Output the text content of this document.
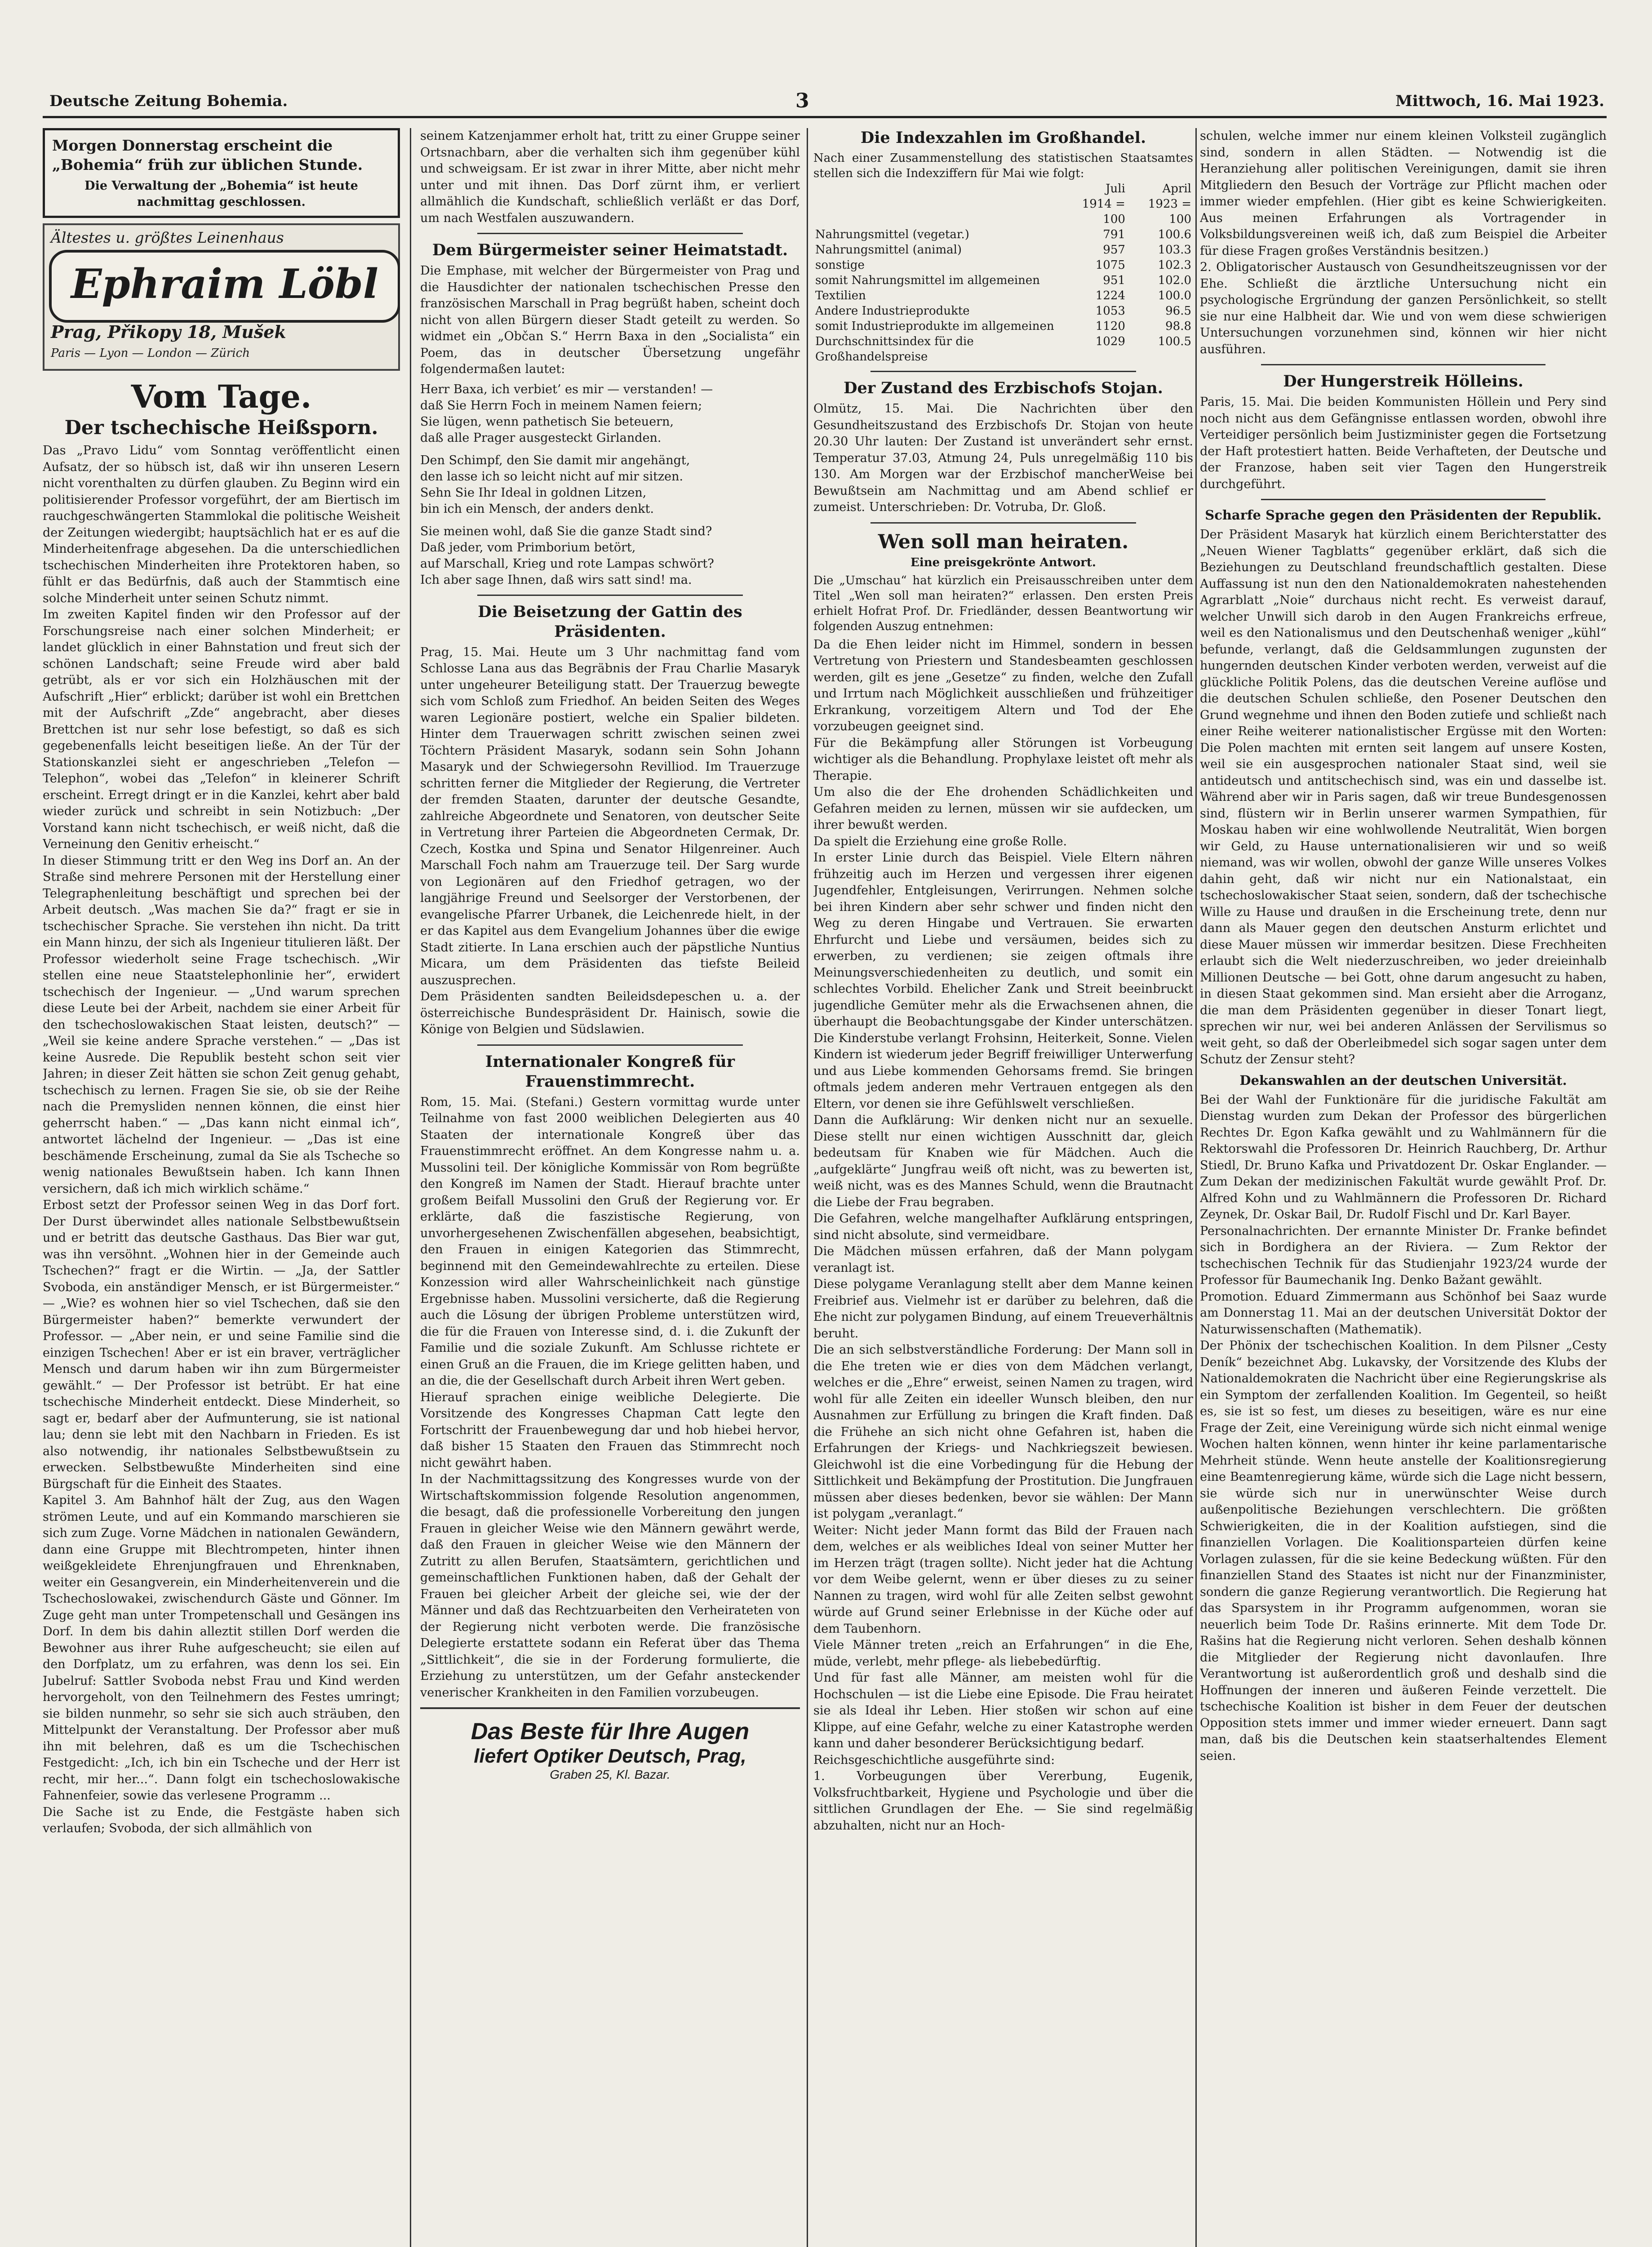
Deutsche Zeitung Bohemia.	3	Mittwoch, 16. Mai 1923.
Morgen Donnerstag erscheint die „Bohemia“ früh zur üblichen Stunde.
Die Verwaltung der „Bohemia“ ist heute nachmittag geschlossen.
Ältestes u. größtes Leinenhaus
Ephraim Löbl
Prag, Přikopy 18, Mušek
Paris — Lyon — London — Zürich
Vom Tage.
Der tschechische Heißsporn.

Das „Pravo Lidu“ vom Sonntag veröffentlicht einen Aufsatz, der so hübsch ist, daß wir ihn unseren Lesern nicht vorenthalten zu dürfen glauben. Zu Beginn wird ein politisierender Professor vorgeführt, der am Biertisch im rauchgeschwängerten Stammlokal die politische Weisheit der Zeitungen wiedergibt; hauptsächlich hat er es auf die Minderheitenfrage abgesehen. Da die unterschiedlichen tschechischen Minderheiten ihre Protektoren haben, so fühlt er das Bedürfnis, daß auch der Stammtisch eine solche Minderheit unter seinen Schutz nimmt.

Im zweiten Kapitel finden wir den Professor auf der Forschungsreise nach einer solchen Minderheit; er landet glücklich in einer Bahnstation und freut sich der schönen Landschaft; seine Freude wird aber bald getrübt, als er vor sich ein Holzhäuschen mit der Aufschrift „Hier“ erblickt; darüber ist wohl ein Brettchen mit der Aufschrift „Zde“ angebracht, aber dieses Brettchen ist nur sehr lose befestigt, so daß es sich gegebenenfalls leicht beseitigen ließe. An der Tür der Stationskanzlei sieht er angeschrieben „Telefon — Telephon“, wobei das „Telefon“ in kleinerer Schrift erscheint. Erregt dringt er in die Kanzlei, kehrt aber bald wieder zurück und schreibt in sein Notizbuch: „Der Vorstand kann nicht tschechisch, er weiß nicht, daß die Verneinung den Genitiv erheischt.“

In dieser Stimmung tritt er den Weg ins Dorf an. An der Straße sind mehrere Personen mit der Herstellung einer Telegraphenleitung beschäftigt und sprechen bei der Arbeit deutsch. „Was machen Sie da?“ fragt er sie in tschechischer Sprache. Sie verstehen ihn nicht. Da tritt ein Mann hinzu, der sich als Ingenieur titulieren läßt. Der Professor wiederholt seine Frage tschechisch. „Wir stellen eine neue Staatstelephonlinie her“, erwidert tschechisch der Ingenieur. — „Und warum sprechen diese Leute bei der Arbeit, nachdem sie einer Arbeit für den tschechoslowakischen Staat leisten, deutsch?“ — „Weil sie keine andere Sprache verstehen.“ — „Das ist keine Ausrede. Die Republik besteht schon seit vier Jahren; in dieser Zeit hätten sie schon Zeit genug gehabt, tschechisch zu lernen. Fragen Sie sie, ob sie der Reihe nach die Premysliden nennen können, die einst hier geherrscht haben.“ — „Das kann nicht einmal ich“, antwortet lächelnd der Ingenieur. — „Das ist eine beschämende Erscheinung, zumal da Sie als Tscheche so wenig nationales Bewußtsein haben. Ich kann Ihnen versichern, daß ich mich wirklich schäme.“

Erbost setzt der Professor seinen Weg in das Dorf fort. Der Durst überwindet alles nationale Selbstbewußtsein und er betritt das deutsche Gasthaus. Das Bier war gut, was ihn versöhnt. „Wohnen hier in der Gemeinde auch Tschechen?“ fragt er die Wirtin. — „Ja, der Sattler Svoboda, ein anständiger Mensch, er ist Bürgermeister.“ — „Wie? es wohnen hier so viel Tschechen, daß sie den Bürgermeister haben?“ bemerkte verwundert der Professor. — „Aber nein, er und seine Familie sind die einzigen Tschechen! Aber er ist ein braver, verträglicher Mensch und darum haben wir ihn zum Bürgermeister gewählt.“ — Der Professor ist betrübt. Er hat eine tschechische Minderheit entdeckt. Diese Minderheit, so sagt er, bedarf aber der Aufmunterung, sie ist national lau; denn sie lebt mit den Nachbarn in Frieden. Es ist also notwendig, ihr nationales Selbstbewußtsein zu erwecken. Selbstbewußte Minderheiten sind eine Bürgschaft für die Einheit des Staates.

Kapitel 3. Am Bahnhof hält der Zug, aus den Wagen strömen Leute, und auf ein Kommando marschieren sie sich zum Zuge. Vorne Mädchen in nationalen Gewändern, dann eine Gruppe mit Blechtrompeten, hinter ihnen weißgekleidete Ehrenjungfrauen und Ehrenknaben, weiter ein Gesangverein, ein Minderheitenverein und die Tschechoslowakei, zwischendurch Gäste und Gönner. Im Zuge geht man unter Trompetenschall und Gesängen ins Dorf. In dem bis dahin alleztit stillen Dorf werden die Bewohner aus ihrer Ruhe aufgescheucht; sie eilen auf den Dorfplatz, um zu erfahren, was denn los sei. Ein Jubelruf: Sattler Svoboda nebst Frau und Kind werden hervorgeholt, von den Teilnehmern des Festes umringt; sie bilden nunmehr, so sehr sie sich auch sträuben, den Mittelpunkt der Veranstaltung. Der Professor aber muß ihn mit belehren, daß es um die Tschechischen Festgedicht: „Ich, ich bin ein Tscheche und der Herr ist recht, mir her...“. Dann folgt ein tschechoslowakische Fahnenfeier, sowie das verlesene Programm ...

Die Sache ist zu Ende, die Festgäste haben sich verlaufen; Svoboda, der sich allmählich von

seinem Katzenjammer erholt hat, tritt zu einer Gruppe seiner Ortsnachbarn, aber die verhalten sich ihm gegenüber kühl und schweigsam. Er ist zwar in ihrer Mitte, aber nicht mehr unter und mit ihnen. Das Dorf zürnt ihm, er verliert allmählich die Kundschaft, schließlich verläßt er das Dorf, um nach Westfalen auszuwandern.

Dem Bürgermeister seiner Heimatstadt.

Die Emphase, mit welcher der Bürgermeister von Prag und die Hausdichter der nationalen tschechischen Presse den französischen Marschall in Prag begrüßt haben, scheint doch nicht von allen Bürgern dieser Stadt geteilt zu werden. So widmet ein „Občan S.“ Herrn Baxa in den „Socialista“ ein Poem, das in deutscher Übersetzung ungefähr folgendermaßen lautet:

Herr Baxa, ich verbiet’ es mir — verstanden! —
daß Sie Herrn Foch in meinem Namen feiern;
Sie lügen, wenn pathetisch Sie beteuern,
daß alle Prager ausgesteckt Girlanden.
Den Schimpf, den Sie damit mir angehängt,
den lasse ich so leicht nicht auf mir sitzen.
Sehn Sie Ihr Ideal in goldnen Litzen,
bin ich ein Mensch, der anders denkt.
Sie meinen wohl, daß Sie die ganze Stadt sind?
Daß jeder, vom Primborium betört,
auf Marschall, Krieg und rote Lampas schwört?
Ich aber sage Ihnen, daß wirs satt sind! ma.
Die Beisetzung der Gattin des Präsidenten.

Prag, 15. Mai. Heute um 3 Uhr nachmittag fand vom Schlosse Lana aus das Begräbnis der Frau Charlie Masaryk unter ungeheurer Beteiligung statt. Der Trauerzug bewegte sich vom Schloß zum Friedhof. An beiden Seiten des Weges waren Legionäre postiert, welche ein Spalier bildeten. Hinter dem Trauerwagen schritt zwischen seinen zwei Töchtern Präsident Masaryk, sodann sein Sohn Johann Masaryk und der Schwiegersohn Revilliod. Im Trauerzuge schritten ferner die Mitglieder der Regierung, die Vertreter der fremden Staaten, darunter der deutsche Gesandte, zahlreiche Abgeordnete und Senatoren, von deutscher Seite in Vertretung ihrer Parteien die Abgeordneten Cermak, Dr. Czech, Kostka und Spina und Senator Hilgenreiner. Auch Marschall Foch nahm am Trauerzuge teil. Der Sarg wurde von Legionären auf den Friedhof getragen, wo der langjährige Freund und Seelsorger der Verstorbenen, der evangelische Pfarrer Urbanek, die Leichenrede hielt, in der er das Kapitel aus dem Evangelium Johannes über die ewige Stadt zitierte. In Lana erschien auch der päpstliche Nuntius Micara, um dem Präsidenten das tiefste Beileid auszusprechen.

Dem Präsidenten sandten Beileidsdepeschen u. a. der österreichische Bundespräsident Dr. Hainisch, sowie die Könige von Belgien und Südslawien.

Internationaler Kongreß für Frauenstimmrecht.

Rom, 15. Mai. (Stefani.) Gestern vormittag wurde unter Teilnahme von fast 2000 weiblichen Delegierten aus 40 Staaten der internationale Kongreß über das Frauenstimmrecht eröffnet. An dem Kongresse nahm u. a. Mussolini teil. Der königliche Kommissär von Rom begrüßte den Kongreß im Namen der Stadt. Hierauf brachte unter großem Beifall Mussolini den Gruß der Regierung vor. Er erklärte, daß die faszistische Regierung, von unvorhergesehenen Zwischenfällen abgesehen, beabsichtigt, den Frauen in einigen Kategorien das Stimmrecht, beginnend mit den Gemeindewahlrechte zu erteilen. Diese Konzession wird aller Wahrscheinlichkeit nach günstige Ergebnisse haben. Mussolini versicherte, daß die Regierung auch die Lösung der übrigen Probleme unterstützen wird, die für die Frauen von Interesse sind, d. i. die Zukunft der Familie und die soziale Zukunft. Am Schlusse richtete er einen Gruß an die Frauen, die im Kriege gelitten haben, und an die, die der Gesellschaft durch Arbeit ihren Wert geben.

Hierauf sprachen einige weibliche Delegierte. Die Vorsitzende des Kongresses Chapman Catt legte den Fortschritt der Frauenbewegung dar und hob hiebei hervor, daß bisher 15 Staaten den Frauen das Stimmrecht noch nicht gewährt haben.

In der Nachmittagssitzung des Kongresses wurde von der Wirtschaftskommission folgende Resolution angenommen, die besagt, daß die professionelle Vorbereitung den jungen Frauen in gleicher Weise wie den Männern gewährt werde, daß den Frauen in gleicher Weise wie den Männern der Zutritt zu allen Berufen, Staatsämtern, gerichtlichen und gemeinschaftlichen Funktionen haben, daß der Gehalt der Frauen bei gleicher Arbeit der gleiche sei, wie der der Männer und daß das Rechtzuarbeiten den Verheirateten von der Regierung nicht verboten werde. Die französische Delegierte erstattete sodann ein Referat über das Thema „Sittlichkeit“, die sie in der Forderung formulierte, die Erziehung zu unterstützen, um der Gefahr ansteckender venerischer Krankheiten in den Familien vorzubeugen.

Das Beste für Ihre Augen
liefert Optiker Deutsch, Prag,
Graben 25, Kl. Bazar.
Die Indexzahlen im Großhandel.

Nach einer Zusammenstellung des statistischen Staatsamtes stellen sich die Indexziffern für Mai wie folgt:

	Juli	April
	1914 = 100	1923 = 100
Nahrungsmittel (vegetar.)	791	100.6
Nahrungsmittel (animal)	957	103.3
sonstige	1075	102.3
somit Nahrungsmittel im allgemeinen	951	102.0
Textilien	1224	100.0
Andere Industrieprodukte	1053	96.5
somit Industrieprodukte im allgemeinen	1120	98.8
Durchschnittsindex für die Großhandelspreise	1029	100.5
Der Zustand des Erzbischofs Stojan.

Olmütz, 15. Mai. Die Nachrichten über den Gesundheitszustand des Erzbischofs Dr. Stojan von heute 20.30 Uhr lauten: Der Zustand ist unverändert sehr ernst. Temperatur 37.03, Atmung 24, Puls unregelmäßig 110 bis 130. Am Morgen war der Erzbischof mancherWeise bei Bewußtsein am Nachmittag und am Abend schlief er zumeist. Unterschrieben: Dr. Votruba, Dr. Gloß.

Wen soll man heiraten.
Eine preisgekrönte Antwort.

Die „Umschau“ hat kürzlich ein Preisausschreiben unter dem Titel „Wen soll man heiraten?“ erlassen. Den ersten Preis erhielt Hofrat Prof. Dr. Friedländer, dessen Beantwortung wir folgenden Auszug entnehmen:

Da die Ehen leider nicht im Himmel, sondern in bessen Vertretung von Priestern und Standesbeamten geschlossen werden, gilt es jene „Gesetze“ zu finden, welche den Zufall und Irrtum nach Möglichkeit ausschließen und frühzeitiger Erkrankung, vorzeitigem Altern und Tod der Ehe vorzubeugen geeignet sind.

Für die Bekämpfung aller Störungen ist Vorbeugung wichtiger als die Behandlung. Prophylaxe leistet oft mehr als Therapie.

Um also die der Ehe drohenden Schädlichkeiten und Gefahren meiden zu lernen, müssen wir sie aufdecken, um ihrer bewußt werden.

Da spielt die Erziehung eine große Rolle.

In erster Linie durch das Beispiel. Viele Eltern nähren frühzeitig auch im Herzen und vergessen ihrer eigenen Jugendfehler, Entgleisungen, Verirrungen. Nehmen solche bei ihren Kindern aber sehr schwer und finden nicht den Weg zu deren Hingabe und Vertrauen. Sie erwarten Ehrfurcht und Liebe und versäumen, beides sich zu erwerben, zu verdienen; sie zeigen oftmals ihre Meinungsverschiedenheiten zu deutlich, und somit ein schlechtes Vorbild. Ehelicher Zank und Streit beeinbruckt jugendliche Gemüter mehr als die Erwachsenen ahnen, die überhaupt die Beobachtungsgabe der Kinder unterschätzen. Die Kinderstube verlangt Frohsinn, Heiterkeit, Sonne. Vielen Kindern ist wiederum jeder Begriff freiwilliger Unterwerfung und aus Liebe kommenden Gehorsams fremd. Sie bringen oftmals jedem anderen mehr Vertrauen entgegen als den Eltern, vor denen sie ihre Gefühlswelt verschließen.

Dann die Aufklärung: Wir denken nicht nur an sexuelle. Diese stellt nur einen wichtigen Ausschnitt dar, gleich bedeutsam für Knaben wie für Mädchen. Auch die „aufgeklärte“ Jungfrau weiß oft nicht, was zu bewerten ist, weiß nicht, was es des Mannes Schuld, wenn die Brautnacht die Liebe der Frau begraben.

Die Gefahren, welche mangelhafter Aufklärung entspringen, sind nicht absolute, sind vermeidbare.

Die Mädchen müssen erfahren, daß der Mann polygam veranlagt ist.

Diese polygame Veranlagung stellt aber dem Manne keinen Freibrief aus. Vielmehr ist er darüber zu belehren, daß die Ehe nicht zur polygamen Bindung, auf einem Treueverhältnis beruht.

Die an sich selbstverständliche Forderung: Der Mann soll in die Ehe treten wie er dies von dem Mädchen verlangt, welches er die „Ehre“ erweist, seinen Namen zu tragen, wird wohl für alle Zeiten ein ideeller Wunsch bleiben, den nur Ausnahmen zur Erfüllung zu bringen die Kraft finden. Daß die Frühehe an sich nicht ohne Gefahren ist, haben die Erfahrungen der Kriegs- und Nachkriegszeit bewiesen. Gleichwohl ist die eine Vorbedingung für die Hebung der Sittlichkeit und Bekämpfung der Prostitution. Die Jungfrauen müssen aber dieses bedenken, bevor sie wählen: Der Mann ist polygam „veranlagt.“

Weiter: Nicht jeder Mann formt das Bild der Frauen nach dem, welches er als weibliches Ideal von seiner Mutter her im Herzen trägt (tragen sollte). Nicht jeder hat die Achtung vor dem Weibe gelernt, wenn er über dieses zu zu seiner Nannen zu tragen, wird wohl für alle Zeiten selbst gewohnt würde auf Grund seiner Erlebnisse in der Küche oder auf dem Taubenhorn.

Viele Männer treten „reich an Erfahrungen“ in die Ehe, müde, verlebt, mehr pflege- als liebebedürftig.

Und für fast alle Männer, am meisten wohl für die Hochschulen — ist die Liebe eine Episode. Die Frau heiratet sie als Ideal ihr Leben. Hier stoßen wir schon auf eine Klippe, auf eine Gefahr, welche zu einer Katastrophe werden kann und daher besonderer Berücksichtigung bedarf.

Reichsgeschichtliche ausgeführte sind:

1. Vorbeugungen über Vererbung, Eugenik, Volksfruchtbarkeit, Hygiene und Psychologie und über die sittlichen Grundlagen der Ehe. — Sie sind regelmäßig abzuhalten, nicht nur an Hoch-

schulen, welche immer nur einem kleinen Volksteil zugänglich sind, sondern in allen Städten. — Notwendig ist die Heranziehung aller politischen Vereinigungen, damit sie ihren Mitgliedern den Besuch der Vorträge zur Pflicht machen oder immer wieder empfehlen. (Hier gibt es keine Schwierigkeiten. Aus meinen Erfahrungen als Vortragender in Volksbildungsvereinen weiß ich, daß zum Beispiel die Arbeiter für diese Fragen großes Verständnis besitzen.)

2. Obligatorischer Austausch von Gesundheitszeugnissen vor der Ehe. Schließt die ärztliche Untersuchung nicht ein psychologische Ergründung der ganzen Persönlichkeit, so stellt sie nur eine Halbheit dar. Wie und von wem diese schwierigen Untersuchungen vorzunehmen sind, können wir hier nicht ausführen.

Der Hungerstreik Hölleins.

Paris, 15. Mai. Die beiden Kommunisten Höllein und Pery sind noch nicht aus dem Gefängnisse entlassen worden, obwohl ihre Verteidiger persönlich beim Justizminister gegen die Fortsetzung der Haft protestiert hatten. Beide Verhafteten, der Deutsche und der Franzose, haben seit vier Tagen den Hungerstreik durchgeführt.

Scharfe Sprache gegen den Präsidenten der Republik.

Der Präsident Masaryk hat kürzlich einem Berichterstatter des „Neuen Wiener Tagblatts“ gegenüber erklärt, daß sich die Beziehungen zu Deutschland freundschaftlich gestalten. Diese Auffassung ist nun den den Nationaldemokraten nahestehenden Agrarblatt „Noie“ durchaus nicht recht. Es verweist darauf, welcher Unwill sich darob in den Augen Frankreichs erfreue, weil es den Nationalismus und den Deutschenhaß weniger „kühl“ befunde, verlangt, daß die Geldsammlungen zugunsten der hungernden deutschen Kinder verboten werden, verweist auf die glückliche Politik Polens, das die deutschen Vereine auflöse und die deutschen Schulen schließe, den Posener Deutschen den Grund wegnehme und ihnen den Boden zutiefe und schließt nach einer Reihe weiterer nationalistischer Ergüsse mit den Worten: Die Polen machten mit ernten seit langem auf unsere Kosten, weil sie ein ausgesprochen nationaler Staat sind, weil sie antideutsch und antitschechisch sind, was ein und dasselbe ist. Während aber wir in Paris sagen, daß wir treue Bundesgenossen sind, flüstern wir in Berlin unserer warmen Sympathien, für Moskau haben wir eine wohlwollende Neutralität, Wien borgen wir Geld, zu Hause unternationalisieren wir und so weiß niemand, was wir wollen, obwohl der ganze Wille unseres Volkes dahin geht, daß wir nicht nur ein Nationalstaat, ein tschechoslowakischer Staat seien, sondern, daß der tschechische Wille zu Hause und draußen in die Erscheinung trete, denn nur dann als Mauer gegen den deutschen Ansturm erlichtet und diese Mauer müssen wir immerdar besitzen. Diese Frechheiten erlaubt sich die Welt niederzuschreiben, wo jeder dreieinhalb Millionen Deutsche — bei Gott, ohne darum angesucht zu haben, in diesen Staat gekommen sind. Man ersieht aber die Arroganz, die man dem Präsidenten gegenüber in dieser Tonart liegt, sprechen wir nur, wei bei anderen Anlässen der Servilismus so weit geht, so daß der Oberleibmedel sich sogar sagen unter dem Schutz der Zensur steht?

Dekanswahlen an der deutschen Universität.

Bei der Wahl der Funktionäre für die juridische Fakultät am Dienstag wurden zum Dekan der Professor des bürgerlichen Rechtes Dr. Egon Kafka gewählt und zu Wahlmännern für die Rektorswahl die Professoren Dr. Heinrich Rauchberg, Dr. Arthur Stiedl, Dr. Bruno Kafka und Privatdozent Dr. Oskar Englander. — Zum Dekan der medizinischen Fakultät wurde gewählt Prof. Dr. Alfred Kohn und zu Wahlmännern die Professoren Dr. Richard Zeynek, Dr. Oskar Bail, Dr. Rudolf Fischl und Dr. Karl Bayer.

Personalnachrichten. Der ernannte Minister Dr. Franke befindet sich in Bordighera an der Riviera. — Zum Rektor der tschechischen Technik für das Studienjahr 1923/24 wurde der Professor für Baumechanik Ing. Denko Bažant gewählt.

Promotion. Eduard Zimmermann aus Schönhof bei Saaz wurde am Donnerstag 11. Mai an der deutschen Universität Doktor der Naturwissenschaften (Mathematik).

Der Phönix der tschechischen Koalition. In dem Pilsner „Cesty Deník“ bezeichnet Abg. Lukavsky, der Vorsitzende des Klubs der Nationaldemokraten die Nachricht über eine Regierungskrise als ein Symptom der zerfallenden Koalition. Im Gegenteil, so heißt es, sie ist so fest, um dieses zu beseitigen, wäre es nur eine Frage der Zeit, eine Vereinigung würde sich nicht einmal wenige Wochen halten können, wenn hinter ihr keine parlamentarische Mehrheit stünde. Wenn heute anstelle der Koalitionsregierung eine Beamtenregierung käme, würde sich die Lage nicht bessern, sie würde sich nur in unerwünschter Weise durch außenpolitische Beziehungen verschlechtern. Die größten Schwierigkeiten, die in der Koalition aufstiegen, sind die finanziellen Vorlagen. Die Koalitionsparteien dürfen keine Vorlagen zulassen, für die sie keine Bedeckung wüßten. Für den finanziellen Stand des Staates ist nicht nur der Finanzminister, sondern die ganze Regierung verantwortlich. Die Regierung hat das Sparsystem in ihr Programm aufgenommen, woran sie neuerlich beim Tode Dr. Rašins erinnerte. Mit dem Tode Dr. Rašins hat die Regierung nicht verloren. Sehen deshalb können die Mitglieder der Regierung nicht davonlaufen. Ihre Verantwortung ist außerordentlich groß und deshalb sind die Hoffnungen der inneren und äußeren Feinde verzettelt. Die tschechische Koalition ist bisher in dem Feuer der deutschen Opposition stets immer und immer wieder erneuert. Dann sagt man, daß bis die Deutschen kein staatserhaltendes Element seien.
